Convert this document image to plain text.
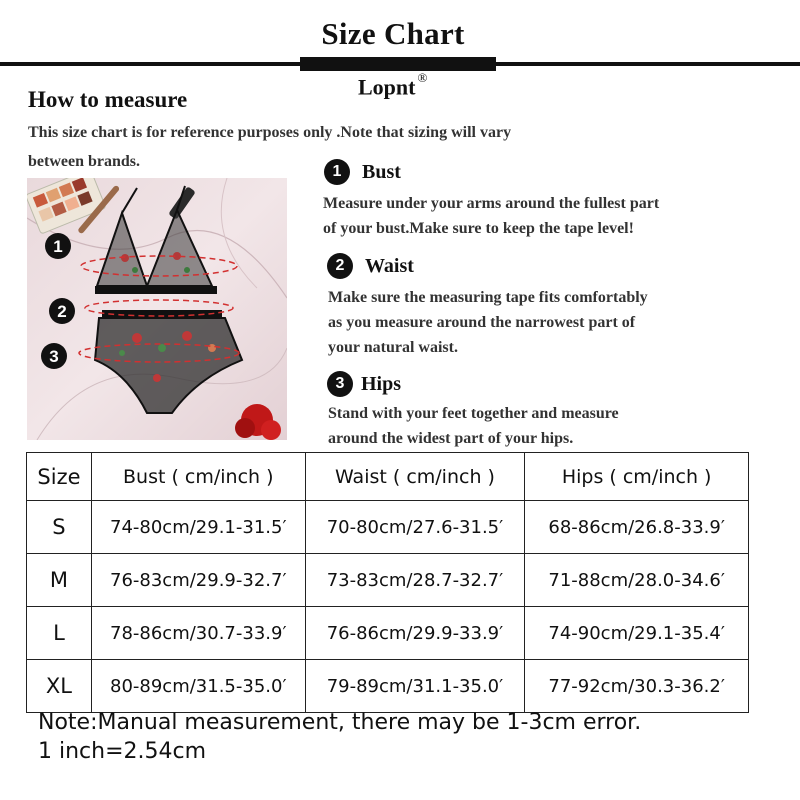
Size Chart
Lopnt ®
How to measure
This size chart is for reference purposes only .Note that sizing will vary
between brands.
1
2
3
1	Bust
Measure under your arms around the fullest part
of your bust.Make sure to keep the tape level!
2	Waist
Make sure the measuring tape fits comfortably
as you measure around the narrowest part of
your natural waist.
3 Hips
Stand with your feet together and measure
around the widest part of your hips.
Size	Bust ( cm/inch )	Waist ( cm/inch )	Hips ( cm/inch )
S	74-80cm/29.1-31.5′	70-80cm/27.6-31.5′	68-86cm/26.8-33.9′
M	76-83cm/29.9-32.7′	73-83cm/28.7-32.7′	71-88cm/28.0-34.6′
L	78-86cm/30.7-33.9′	76-86cm/29.9-33.9′	74-90cm/29.1-35.4′
XL	80-89cm/31.5-35.0′	79-89cm/31.1-35.0′	77-92cm/30.3-36.2′
Note:Manual measurement, there may be 1-3cm error.
1 inch=2.54cm
